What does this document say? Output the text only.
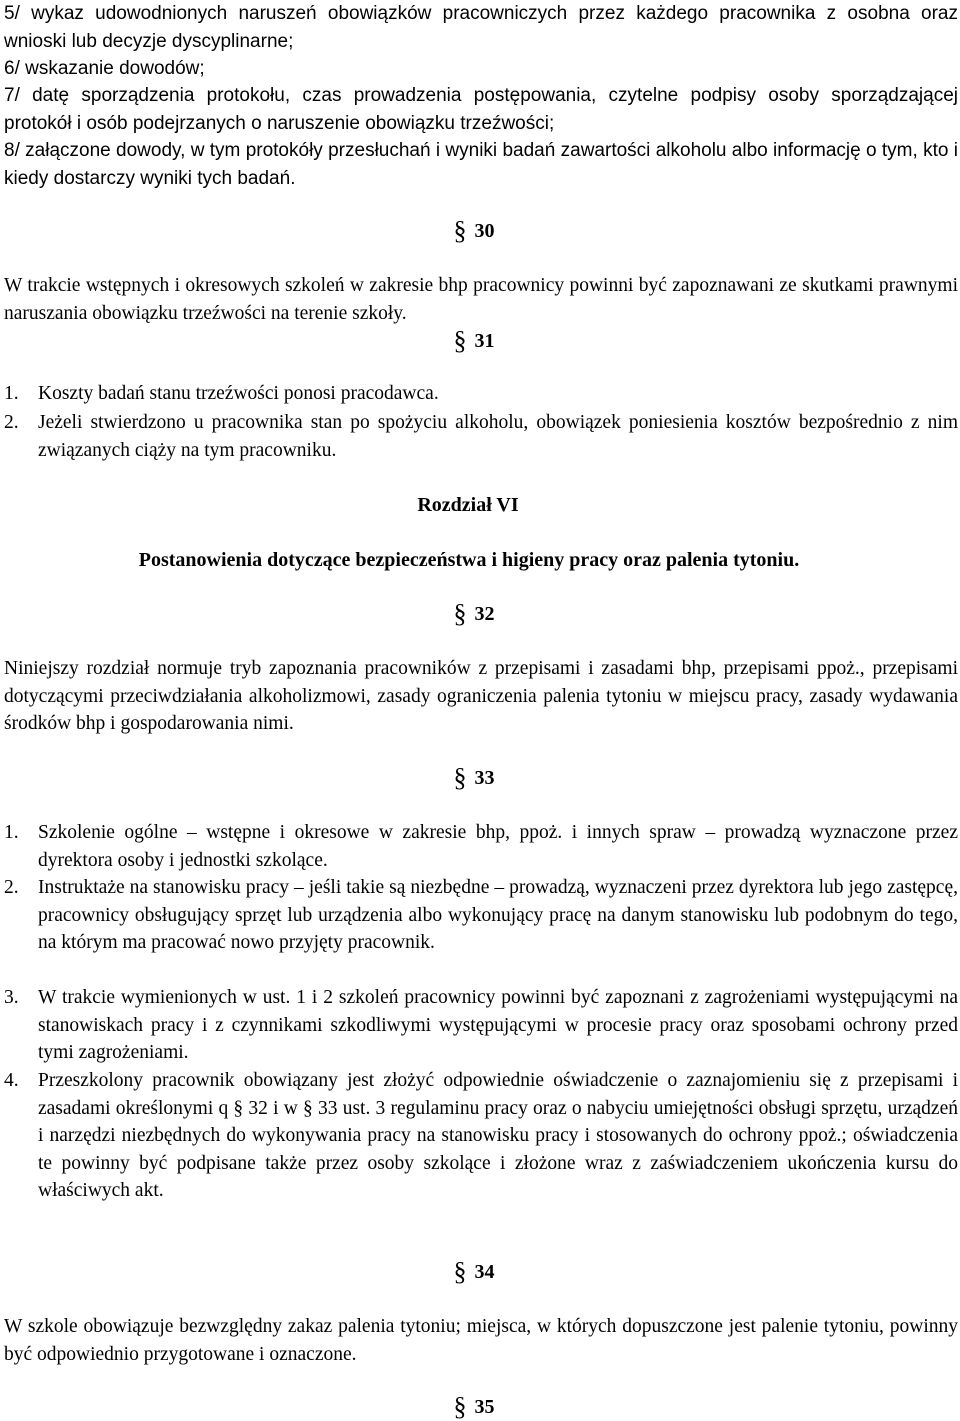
5/ wykaz udowodnionych naruszeń obowiązków pracowniczych przez każdego pracownika z osobna oraz wnioski lub decyzje dyscyplinarne;

6/ wskazanie dowodów;

7/ datę sporządzenia protokołu, czas prowadzenia postępowania, czytelne podpisy osoby sporządzającej protokół i osób podejrzanych o naruszenie obowiązku trzeźwości;

8/ załączone dowody, w tym protokóły przesłuchań i wyniki badań zawartości alkoholu albo informację o tym, kto i kiedy dostarczy wyniki tych badań.

§ 30

W trakcie wstępnych i okresowych szkoleń w zakresie bhp pracownicy powinni być zapoznawani ze skutkami prawnymi naruszania obowiązku trzeźwości na terenie szkoły.

§ 31
1. Koszty badań stanu trzeźwości ponosi pracodawca.
2. Jeżeli stwierdzono u pracownika stan po spożyciu alkoholu, obowiązek poniesienia kosztów bezpośrednio z nim związanych ciąży na tym pracowniku.
Rozdział VI
Postanowienia dotyczące bezpieczeństwa i higieny pracy oraz palenia tytoniu.
§ 32

Niniejszy rozdział normuje tryb zapoznania pracowników z przepisami i zasadami bhp, przepisami ppoż., przepisami dotyczącymi przeciwdziałania alkoholizmowi, zasady ograniczenia palenia tytoniu w miejscu pracy, zasady wydawania środków bhp i gospodarowania nimi.

§ 33
1. Szkolenie ogólne – wstępne i okresowe w zakresie bhp, ppoż. i innych spraw – prowadzą wyznaczone przez dyrektora osoby i jednostki szkolące.
2. Instruktaże na stanowisku pracy – jeśli takie są niezbędne – prowadzą, wyznaczeni przez dyrektora lub jego zastępcę, pracownicy obsługujący sprzęt lub urządzenia albo wykonujący pracę na danym stanowisku lub podobnym do tego, na którym ma pracować nowo przyjęty pracownik.
3. W trakcie wymienionych w ust. 1 i 2 szkoleń pracownicy powinni być zapoznani z zagrożeniami występującymi na stanowiskach pracy i z czynnikami szkodliwymi występującymi w procesie pracy oraz sposobami ochrony przed tymi zagrożeniami.
4. Przeszkolony pracownik obowiązany jest złożyć odpowiednie oświadczenie o zaznajomieniu się z przepisami i zasadami określonymi q § 32 i w § 33 ust. 3 regulaminu pracy oraz o nabyciu umiejętności obsługi sprzętu, urządzeń i narzędzi niezbędnych do wykonywania pracy na stanowisku pracy i stosowanych do ochrony ppoż.; oświadczenia te powinny być podpisane także przez osoby szkolące i złożone wraz z zaświadczeniem ukończenia kursu do właściwych akt.
§ 34

W szkole obowiązuje bezwzględny zakaz palenia tytoniu; miejsca, w których dopuszczone jest palenie tytoniu, powinny być odpowiednio przygotowane i oznaczone.

§ 35
